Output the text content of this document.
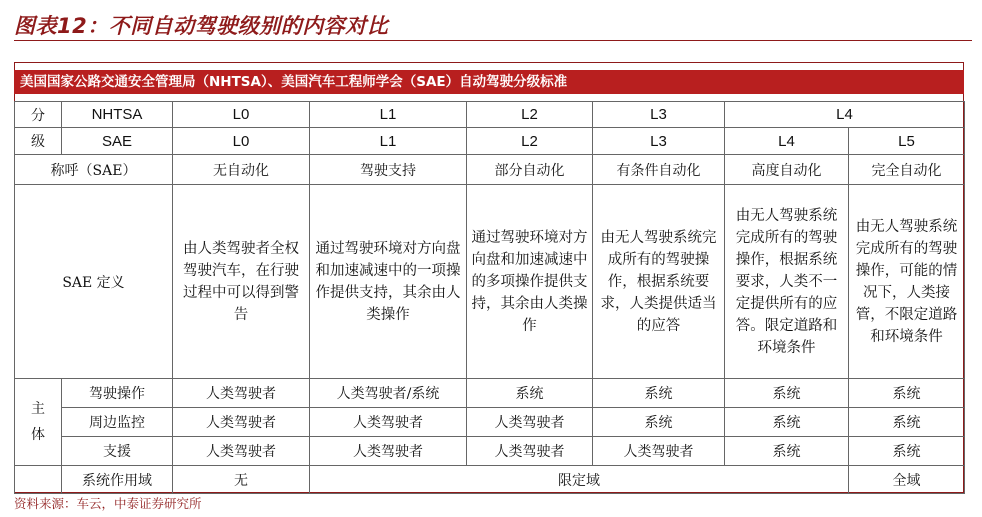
图表12：不同自动驾驶级别的内容对比
美国国家公路交通安全管理局（NHTSA）、美国汽车工程师学会（SAE）自动驾驶分级标准
分	NHTSA	L0	L1	L2	L3	L4	
级	SAE	L0	L1	L2	L3	L4	L5
称呼（SAE）		无自动化	驾驶支持	部分自动化	有条件自动化	高度自动化	完全自动化
SAE 定义		由人类驾驶者全权驾驶汽车，在行驶过程中可以得到警告	通过驾驶环境对方向盘和加速减速中的一项操作提供支持，其余由人类操作	通过驾驶环境对方向盘和加速减速中的多项操作提供支持，其余由人类操作	由无人驾驶系统完成所有的驾驶操作，根据系统要求，人类提供适当的应答	由无人驾驶系统完成所有的驾驶操作，根据系统要求，人类不一定提供所有的应答。限定道路和环境条件	由无人驾驶系统完成所有的驾驶操作，可能的情况下，人类接管，不限定道路和环境条件

主
体	驾驶操作	人类驾驶者	人类驾驶者/系统	系统	系统	系统	系统
	周边监控	人类驾驶者	人类驾驶者	人类驾驶者	系统	系统	系统
	支援	人类驾驶者	人类驾驶者	人类驾驶者	人类驾驶者	系统	系统
	系统作用域	无	限定域				全域
资料来源：车云，中泰证券研究所
